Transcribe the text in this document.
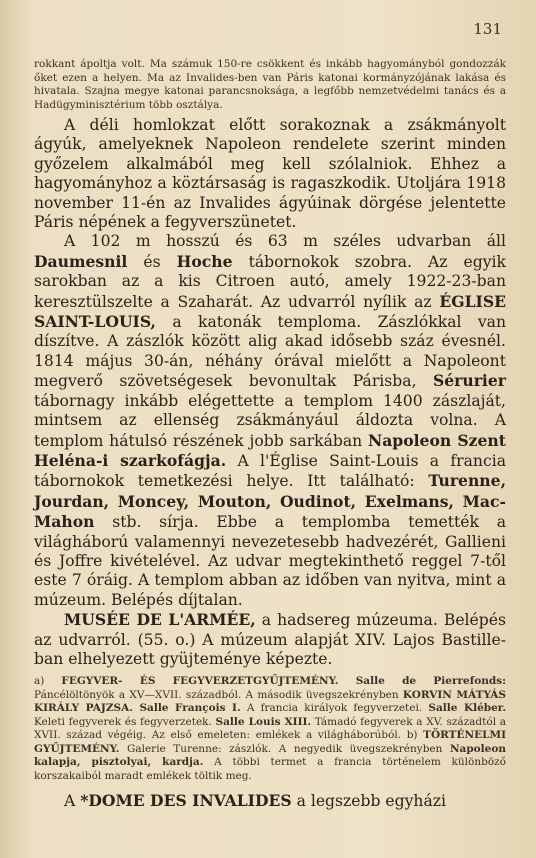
131
rokkant ápoltja volt. Ma számuk 150-re csökkent és inkább hagyományból gondozzák őket ezen a helyen. Ma az Invalides-ben van Páris katonai kormányzójának lakása és hivatala. Szajna megye katonai parancsnoksága, a legfőbb nemzetvédelmi tanács és a Hadügyminisztérium több osztálya.

A déli homlokzat előtt sorakoznak a zsákmányolt ágyúk, amelyeknek Napoleon rendelete szerint minden győzelem alkalmából meg kell szólalniok. Ehhez a hagyományhoz a köztársaság is ragaszkodik. Utoljára 1918 november 11-én az Invalides ágyúinak dörgése jelentette Páris népének a fegyverszünetet.

A 102 m hosszú és 63 m széles udvarban áll Daumesnil és Hoche tábornokok szobra. Az egyik sarokban az a kis Citroen autó, amely 1922-23-ban keresztülszelte a Szaharát. Az udvarról nyílik az ÉGLISE SAINT-LOUIS, a katonák temploma. Zászlókkal van díszítve. A zászlók között alig akad idősebb száz évesnél. 1814 május 30-án, néhány órával mielőtt a Napoleont megverő szövetségesek bevonultak Párisba, Sérurier tábornagy inkább elégettette a templom 1400 zászlaját, mintsem az ellenség zsákmányául áldozta volna. A templom hátulsó részének jobb sarkában Napoleon Szent Heléna-i szarkofágja. A l'Église Saint-Louis a francia tábornokok temetkezési helye. Itt található: Turenne, Jourdan, Moncey, Mouton, Oudinot, Exelmans, Mac-Mahon stb. sírja. Ebbe a templomba temették a világháború valamennyi nevezetesebb hadvezérét, Gallieni és Joffre kivételével. Az udvar megtekinthető reggel 7-től este 7 óráig. A templom abban az időben van nyitva, mint a múzeum. Belépés díjtalan.

MUSÉE DE L'ARMÉE, a hadsereg múzeuma. Belépés az udvarról. (55. o.) A múzeum alapját XIV. Lajos Bastille-ban elhelyezett gyüjteménye képezte.

a) FEGYVER- ÉS FEGYVERZETGYŰJTEMÉNY. Salle de Pierrefonds: Páncélöltönyök a XV—XVII. századból. A második üvegszekrényben KORVIN MÁTYÁS KIRÁLY PAJZSA. Salle François I. A francia királyok fegyverzetei. Salle Kléber. Keleti fegyverek és fegyverzetek. Salle Louis XIII. Támadó fegyverek a XV. századtól a XVII. század végéig. Az első emeleten: emlékek a világháborúból. b) TÖRTÉNELMI GYŰJTEMÉNY. Galerie Turenne: zászlók. A negyedik üvegszekrényben Napoleon kalapja, pisztolyai, kardja. A többi termet a francia történelem különböző korszakaiból maradt emlékek töltik meg.
A *DOME DES INVALIDES a legszebb egyházi
